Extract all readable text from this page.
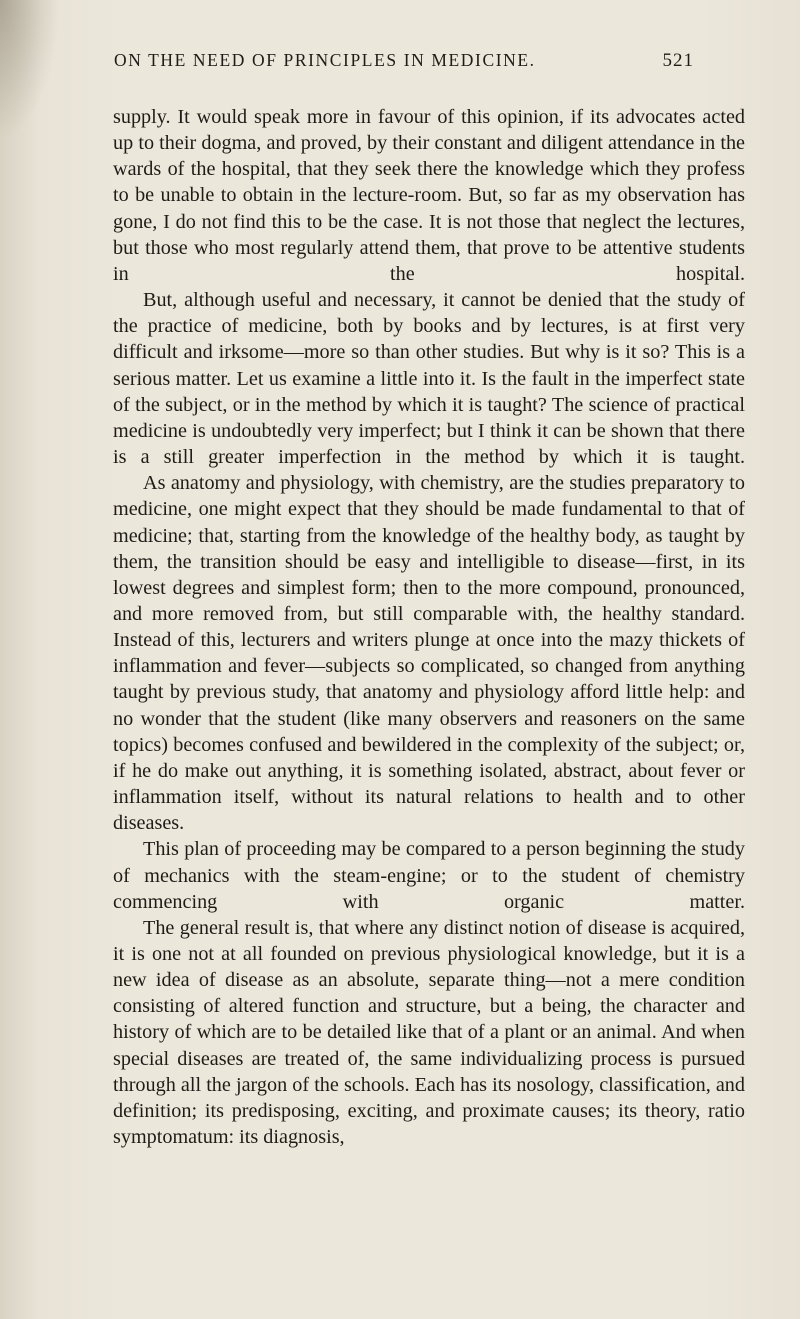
ON THE NEED OF PRINCIPLES IN MEDICINE.	521

supply. It would speak more in favour of this opinion, if its advocates acted up to their dogma, and proved, by their constant and diligent attendance in the wards of the hospital, that they seek there the knowledge which they profess to be unable to obtain in the lecture-room. But, so far as my observation has gone, I do not find this to be the case. It is not those that neglect the lectures, but those who most regularly attend them, that prove to be attentive students in the hospital.

But, although useful and necessary, it cannot be denied that the study of the practice of medicine, both by books and by lectures, is at first very difficult and irksome—more so than other studies. But why is it so? This is a serious matter. Let us examine a little into it. Is the fault in the imperfect state of the subject, or in the method by which it is taught? The science of practical medicine is undoubtedly very imperfect; but I think it can be shown that there is a still greater imperfection in the method by which it is taught.

As anatomy and physiology, with chemistry, are the studies preparatory to medicine, one might expect that they should be made fundamental to that of medicine; that, starting from the knowledge of the healthy body, as taught by them, the transition should be easy and intelligible to disease—first, in its lowest degrees and simplest form; then to the more compound, pronounced, and more removed from, but still comparable with, the healthy standard. Instead of this, lecturers and writers plunge at once into the mazy thickets of inflammation and fever—subjects so complicated, so changed from anything taught by previous study, that anatomy and physiology afford little help: and no wonder that the student (like many observers and reasoners on the same topics) becomes confused and bewildered in the complexity of the subject; or, if he do make out anything, it is something isolated, abstract, about fever or inflammation itself, without its natural relations to health and to other diseases.

This plan of proceeding may be compared to a person beginning the study of mechanics with the steam-engine; or to the student of chemistry commencing with organic matter.

The general result is, that where any distinct notion of disease is acquired, it is one not at all founded on previous physiological knowledge, but it is a new idea of disease as an absolute, separate thing—not a mere condition consisting of altered function and structure, but a being, the character and history of which are to be detailed like that of a plant or an animal. And when special diseases are treated of, the same individualizing process is pursued through all the jargon of the schools. Each has its nosology, classification, and definition; its predisposing, exciting, and proximate causes; its theory, ratio symptomatum: its diagnosis,
